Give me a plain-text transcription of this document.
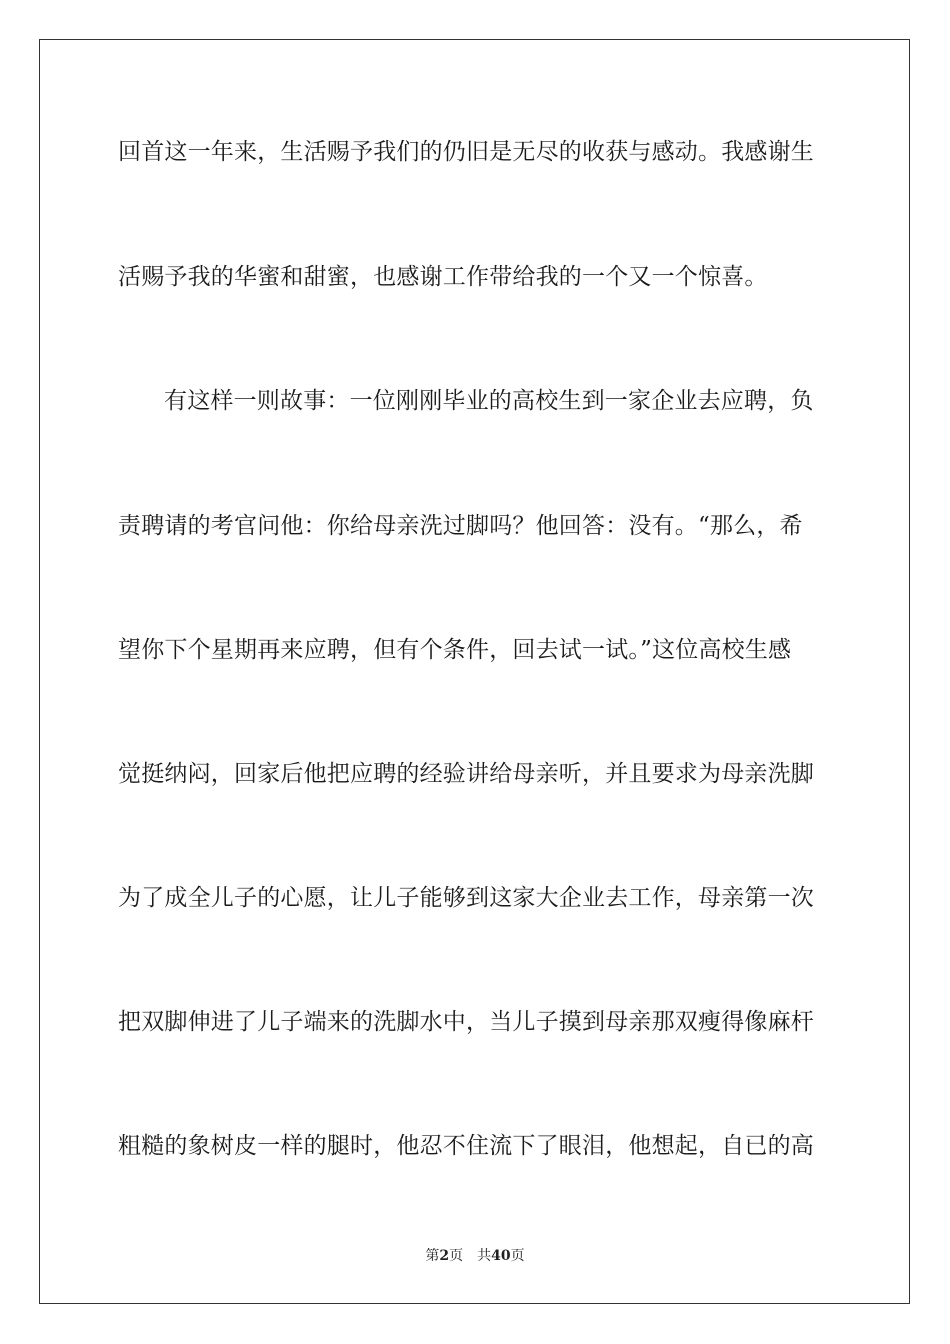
回首这一年来，生活赐予我们的仍旧是无尽的收获与感动。我感谢生
活赐予我的华蜜和甜蜜，也感谢工作带给我的一个又一个惊喜。
有这样一则故事：一位刚刚毕业的高校生到一家企业去应聘，负
责聘请的考官问他：你给母亲洗过脚吗？他回答：没有。“那么，希
望你下个星期再来应聘，但有个条件，回去试一试。”这位高校生感
觉挺纳闷，回家后他把应聘的经验讲给母亲听，并且要求为母亲洗脚
为了成全儿子的心愿，让儿子能够到这家大企业去工作，母亲第一次
把双脚伸进了儿子端来的洗脚水中，当儿子摸到母亲那双瘦得像麻杆
粗糙的象树皮一样的腿时，他忍不住流下了眼泪，他想起，自已的高
第2页 共40页
